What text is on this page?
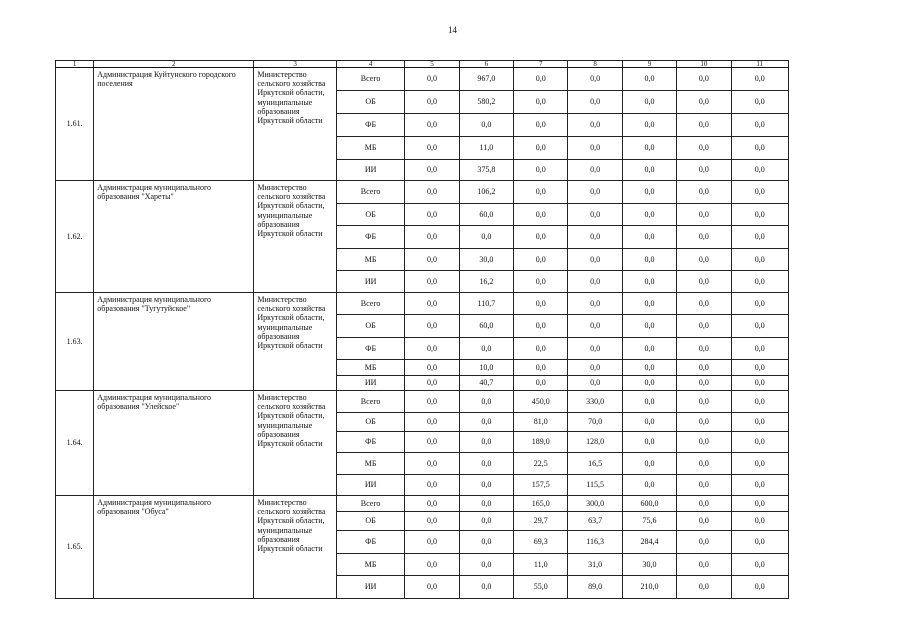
14
1	2	3	4	5	6	7	8	9	10	11
1.61.	Администрация Куйтунского городского поселения	Министерство сельского хозяйства Иркутской области, муниципальные образования Иркутской области	Всего	0,0	967,0	0,0	0,0	0,0	0,0	0,0
			ОБ	0,0	580,2	0,0	0,0	0,0	0,0	0,0
			ФБ	0,0	0,0	0,0	0,0	0,0	0,0	0,0
			МБ	0,0	11,0	0,0	0,0	0,0	0,0	0,0
			ИИ	0,0	375,8	0,0	0,0	0,0	0,0	0,0
1.62.	Администрация муниципального образования "Хареты"	Министерство сельского хозяйства Иркутской области, муниципальные образования Иркутской области	Всего	0,0	106,2	0,0	0,0	0,0	0,0	0,0
			ОБ	0,0	60,0	0,0	0,0	0,0	0,0	0,0
			ФБ	0,0	0,0	0,0	0,0	0,0	0,0	0,0
			МБ	0,0	30,0	0,0	0,0	0,0	0,0	0,0
			ИИ	0,0	16,2	0,0	0,0	0,0	0,0	0,0
1.63.	Администрация муниципального образования "Тугутуйское"	Министерство сельского хозяйства Иркутской области, муниципальные образования Иркутской области	Всего	0,0	110,7	0,0	0,0	0,0	0,0	0,0
			ОБ	0,0	60,0	0,0	0,0	0,0	0,0	0,0
			ФБ	0,0	0,0	0,0	0,0	0,0	0,0	0,0
			МБ	0,0	10,0	0,0	0,0	0,0	0,0	0,0
			ИИ	0,0	40,7	0,0	0,0	0,0	0,0	0,0
1.64.	Администрация муниципального образования "Улейское"	Министерство сельского хозяйства Иркутской области, муниципальные образования Иркутской области	Всего	0,0	0,0	450,0	330,0	0,0	0,0	0,0
			ОБ	0,0	0,0	81,0	70,0	0,0	0,0	0,0
			ФБ	0,0	0,0	189,0	128,0	0,0	0,0	0,0
			МБ	0,0	0,0	22,5	16,5	0,0	0,0	0,0
			ИИ	0,0	0,0	157,5	115,5	0,0	0,0	0,0
1.65.	Администрация муниципального образования "Обуса"	Министерство сельского хозяйства Иркутской области, муниципальные образования Иркутской области	Всего	0,0	0,0	165,0	300,0	600,0	0,0	0,0
			ОБ	0,0	0,0	29,7	63,7	75,6	0,0	0,0
			ФБ	0,0	0,0	69,3	116,3	284,4	0,0	0,0
			МБ	0,0	0,0	11,0	31,0	30,0	0,0	0,0
			ИИ	0,0	0,0	55,0	89,0	210,0	0,0	0,0
